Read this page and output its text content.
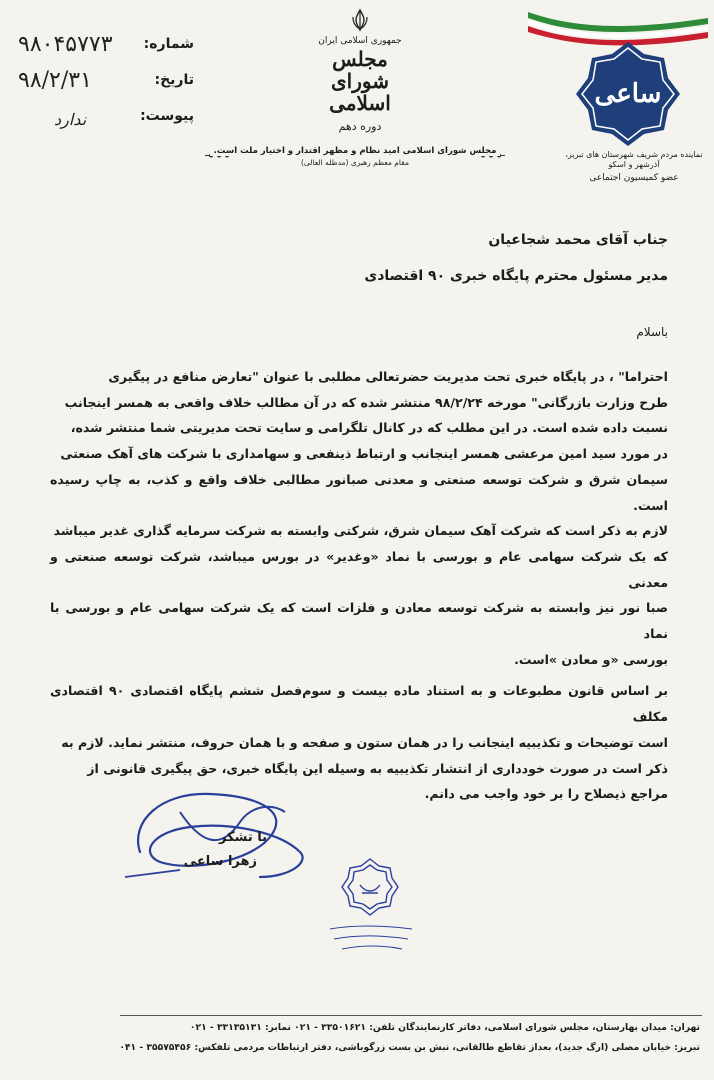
شماره:
۹۸۰۴۵۷۷۳
تاریخ:
۹۸/۲/۳۱
پیوست:
ندارد
جمهوری اسلامی ایران
مجلس شورای اسلامی
دوره دهم
مجلس شورای اسلامی امید نظام و مظهر اقتدار و اختیار ملت است.
مقام معظم رهبری (مدظله العالی)
ساعی
نماینده مردم شریف شهرستان های تبریز، آذرشهر و اسکو
عضو کمیسیون اجتماعی
جناب آقای محمد شجاعیان
مدیر مسئول محترم پایگاه خبری ۹۰ اقتصادی
باسلام

احتراما" ، در پایگاه خبری تحت مدیریت حضرتعالی مطلبی با عنوان "تعارض منافع در پیگیری
طرح وزارت بازرگانی" مورخه ۹۸/۲/۲۴ منتشر شده که در آن مطالب خلاف واقعی به همسر اینجانب
نسبت داده شده است. در این مطلب که در کانال تلگرامی و سایت تحت مدیریتی شما منتشر شده،
در مورد سید امین مرعشی همسر اینجانب و ارتباط ذینفعی و سهامداری با شرکت های آهک صنعتی
سیمان شرق و شرکت توسعه صنعتی و معدنی صبانور مطالبی خلاف واقع و کذب، به چاپ رسیده است.
لازم به ذکر است که شرکت آهک سیمان شرق، شرکتی وابسته به شرکت سرمایه گذاری غدیر میباشد
که یک شرکت سهامی عام و بورسی با نماد «وغدیر» در بورس میباشد، شرکت توسعه صنعتی و معدنی
صبا نور نیز وابسته به شرکت توسعه معادن و فلزات است که یک شرکت سهامی عام و بورسی با نماد
بورسی «و معادن »است.

بر اساس قانون مطبوعات و به استناد ماده بیست و سوم‌فصل ششم پایگاه اقتصادی ۹۰ اقتصادی مکلف
است توضیحات و تکذیبیه اینجانب را در همان ستون و صفحه و با همان حروف، منتشر نماید. لازم به
ذکر است در صورت خودداری از انتشار تکذیبیه به وسیله این پایگاه خبری، حق پیگیری قانونی از
مراجع ذیصلاح را بر خود واجب می دانم.

با تشکر
زهرا ساعی
تهران: میدان بهارستان، مجلس شورای اسلامی، دفاتر کارنمایندگان تلفن: ۳۳۵۰۱۶۲۱ - ۰۲۱ نمابر: ۳۳۱۳۵۱۳۱ - ۰۲۱
تبریز: خیابان مصلی (ارگ جدید)، بعداز تقاطع طالقانی، نبش بن بست زرگوباشی، دفتر ارتباطات مردمی تلفکس: ۳۵۵۷۵۴۵۶ - ۰۴۱
